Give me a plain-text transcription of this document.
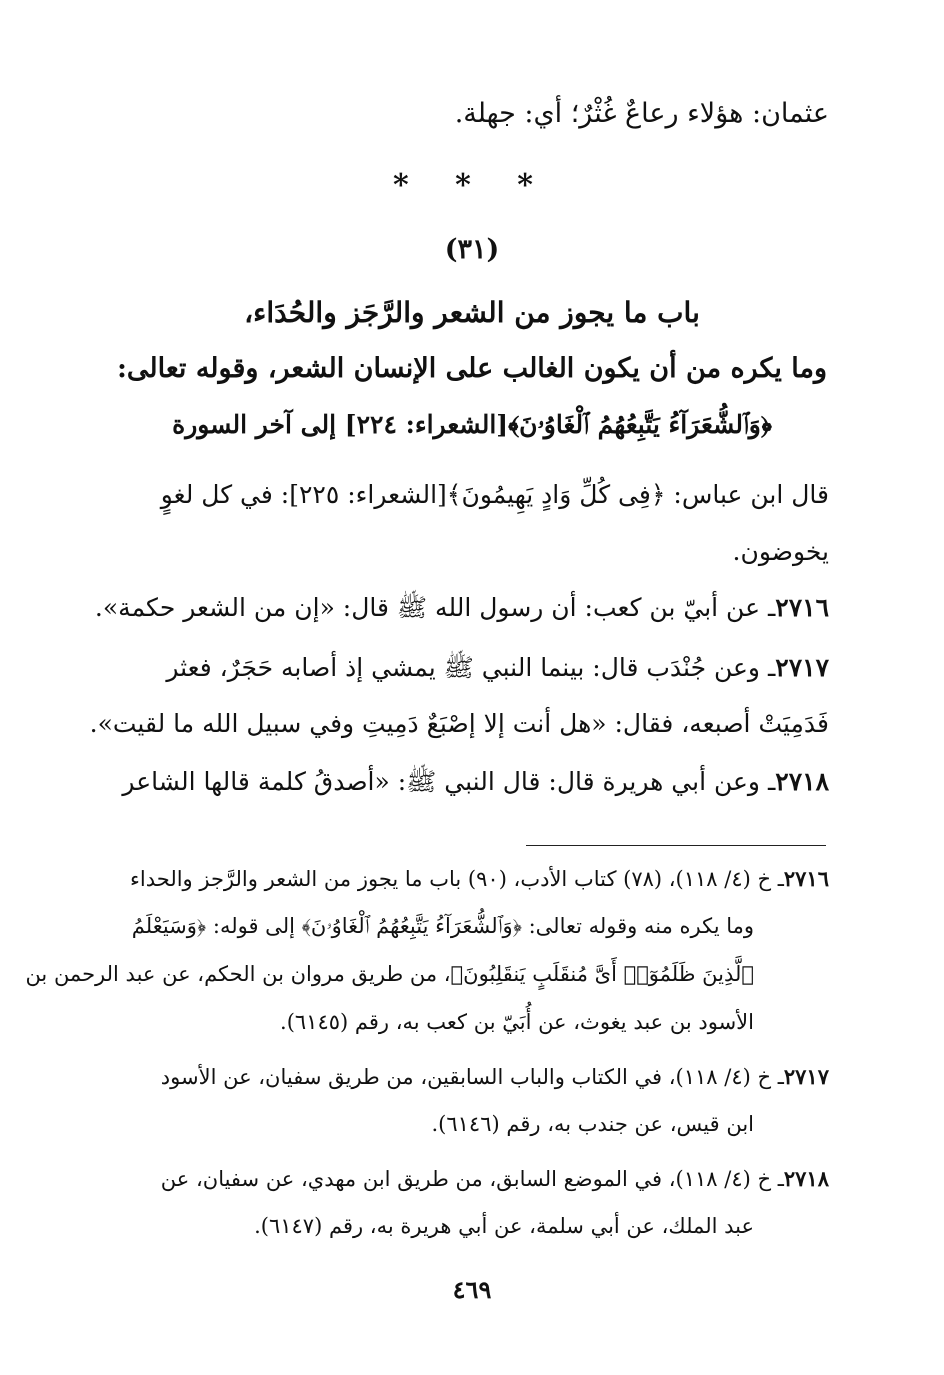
عثمان: هؤلاء رعاعٌ غُثْرٌ؛ أي: جهلة.
* * *
(٣١)
باب ما يجوز من الشعر والرَّجَز والحُدَاء،
وما يكره من أن يكون الغالب على الإنسان الشعر، وقوله تعالى:
﴿وَٱلشُّعَرَآءُ يَتَّبِعُهُمُ ٱلْغَاوُۥنَ﴾[الشعراء: ٢٢٤] إلى آخر السورة
قال ابن عباس: ﴿فِى كُلِّ وَادٍ يَهِيمُونَ﴾[الشعراء: ٢٢٥]: في كل لغوٍ
يخوضون.
٢٧١٦ـ عن أبيّ بن كعب: أن رسول الله ﷺ قال: «إن من الشعر حكمة».
٢٧١٧ـ وعن جُنْدَب قال: بينما النبي ﷺ يمشي إذ أصابه حَجَرٌ، فعثر
فَدَمِيَتْ أصبعه، فقال: «هل أنت إلا إصْبَعٌ دَمِيتِ وفي سبيل الله ما لقيت».
٢٧١٨ـ وعن أبي هريرة قال: قال النبي ﷺ: «أصدقُ كلمة قالها الشاعر
٢٧١٦ـ خ (٤/ ١١٨)، (٧٨) كتاب الأدب، (٩٠) باب ما يجوز من الشعر والرَّجز والحداء
وما يكره منه وقوله تعالى: ﴿وَٱلشُّعَرَآءُ يَتَّبِعُهُمُ ٱلْغَاوُۥنَ﴾ إلى قوله: ﴿وَسَيَعْلَمُ
ٱلَّذِينَ ظَلَمُوٓا۟ أَىَّ مُنقَلَبٍ يَنقَلِبُونَ﴾، من طريق مروان بن الحكم، عن عبد الرحمن بن
الأسود بن عبد يغوث، عن أُبَيّ بن كعب به، رقم (٦١٤٥).
٢٧١٧ـ خ (٤/ ١١٨)، في الكتاب والباب السابقين، من طريق سفيان، عن الأسود
ابن قيس، عن جندب به، رقم (٦١٤٦).
٢٧١٨ـ خ (٤/ ١١٨)، في الموضع السابق، من طريق ابن مهدي، عن سفيان، عن
عبد الملك، عن أبي سلمة، عن أبي هريرة به، رقم (٦١٤٧).
٤٦٩
